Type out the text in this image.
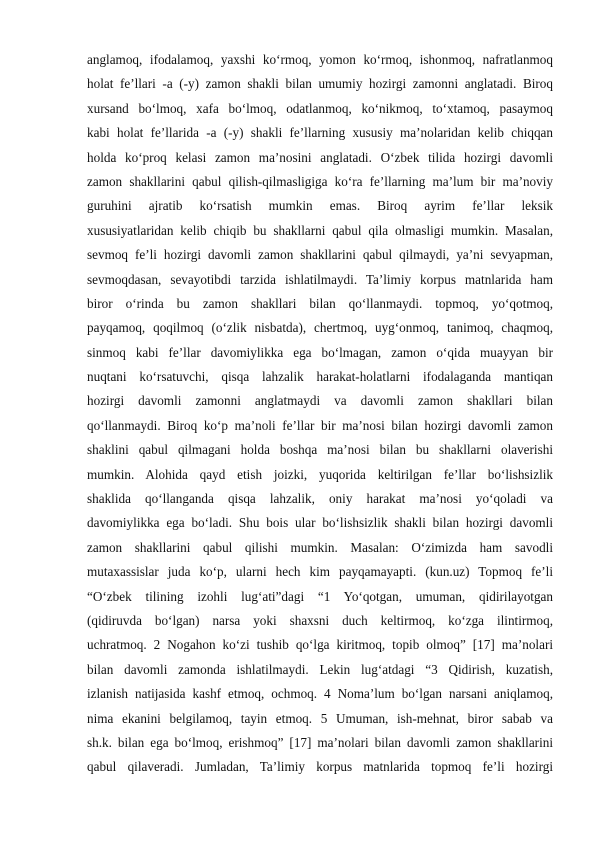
anglamoq, ifodalamoq, yaxshi ko‘rmoq, yomon ko‘rmoq, ishonmoq, nafratlanmoq
holat fe’llari -a (-y) zamon shakli bilan umumiy hozirgi zamonni anglatadi. Biroq
xursand bo‘lmoq, xafa bo‘lmoq, odatlanmoq, ko‘nikmoq, to‘xtamoq, pasaymoq
kabi holat fe’llarida -a (-y) shakli fe’llarning xususiy ma’nolaridan kelib chiqqan
holda ko‘proq kelasi zamon ma’nosini anglatadi. O‘zbek tilida hozirgi davomli
zamon shakllarini qabul qilish-qilmasligiga ko‘ra fe’llarning ma’lum bir ma’noviy
guruhini ajratib ko‘rsatish mumkin emas. Biroq ayrim fe’llar leksik
xususiyatlaridan kelib chiqib bu shakllarni qabul qila olmasligi mumkin. Masalan,
sevmoq fe’li hozirgi davomli zamon shakllarini qabul qilmaydi, ya’ni sevyapman,
sevmoqdasan, sevayotibdi tarzida ishlatilmaydi. Ta’limiy korpus matnlarida ham
biror o‘rinda bu zamon shakllari bilan qo‘llanmaydi. topmoq, yo‘qotmoq,
payqamoq, qoqilmoq (o‘zlik nisbatda), chertmoq, uyg‘onmoq, tanimoq, chaqmoq,
sinmoq kabi fe’llar davomiylikka ega bo‘lmagan, zamon o‘qida muayyan bir
nuqtani ko‘rsatuvchi, qisqa lahzalik harakat-holatlarni ifodalaganda mantiqan
hozirgi davomli zamonni anglatmaydi va davomli zamon shakllari bilan
qo‘llanmaydi. Biroq ko‘p ma’noli fe’llar bir ma’nosi bilan hozirgi davomli zamon
shaklini qabul qilmagani holda boshqa ma’nosi bilan bu shakllarni olaverishi
mumkin. Alohida qayd etish joizki, yuqorida keltirilgan fe’llar bo‘lishsizlik
shaklida qo‘llanganda qisqa lahzalik, oniy harakat ma’nosi yo‘qoladi va
davomiylikka ega bo‘ladi. Shu bois ular bo‘lishsizlik shakli bilan hozirgi davomli
zamon shakllarini qabul qilishi mumkin. Masalan: O‘zimizda ham savodli
mutaxassislar juda ko‘p, ularni hech kim payqamayapti. (kun.uz) Topmoq fe’li
“O‘zbek tilining izohli lug‘ati”dagi “1 Yo‘qotgan, umuman, qidirilayotgan
(qidiruvda bo‘lgan) narsa yoki shaxsni duch keltirmoq, ko‘zga ilintirmoq,
uchratmoq. 2 Nogahon ko‘zi tushib qo‘lga kiritmoq, topib olmoq” [17] ma’nolari
bilan davomli zamonda ishlatilmaydi. Lekin lug‘atdagi “3 Qidirish, kuzatish,
izlanish natijasida kashf etmoq, ochmoq. 4 Noma’lum bo‘lgan narsani aniqlamoq,
nima ekanini belgilamoq, tayin etmoq. 5 Umuman, ish-mehnat, biror sabab va
sh.k. bilan ega bo‘lmoq, erishmoq” [17] ma’nolari bilan davomli zamon shakllarini
qabul qilaveradi. Jumladan, Ta’limiy korpus matnlarida topmoq fe’li hozirgi
